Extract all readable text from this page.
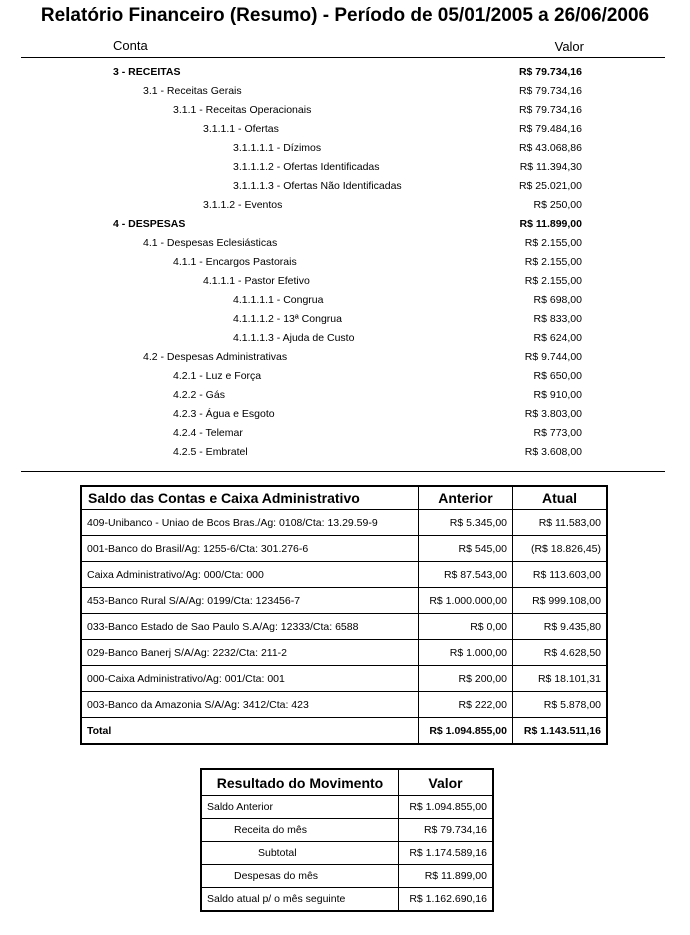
Relatório Financeiro (Resumo) - Período de 05/01/2005 a 26/06/2006
Conta	Valor
3 - RECEITAS	R$ 79.734,16
3.1 - Receitas Gerais	R$ 79.734,16
3.1.1 - Receitas Operacionais	R$ 79.734,16
3.1.1.1 - Ofertas	R$ 79.484,16
3.1.1.1.1 - Dízimos	R$ 43.068,86
3.1.1.1.2 - Ofertas Identificadas	R$ 11.394,30
3.1.1.1.3 - Ofertas Não Identificadas	R$ 25.021,00
3.1.1.2 - Eventos	R$ 250,00
4 - DESPESAS	R$ 11.899,00
4.1 - Despesas Eclesiásticas	R$ 2.155,00
4.1.1 - Encargos Pastorais	R$ 2.155,00
4.1.1.1 - Pastor Efetivo	R$ 2.155,00
4.1.1.1.1 - Congrua	R$ 698,00
4.1.1.1.2 - 13ª Congrua	R$ 833,00
4.1.1.1.3 - Ajuda de Custo	R$ 624,00
4.2 - Despesas Administrativas	R$ 9.744,00
4.2.1 - Luz e Força	R$ 650,00
4.2.2 - Gás	R$ 910,00
4.2.3 - Água e Esgoto	R$ 3.803,00
4.2.4 - Telemar	R$ 773,00
4.2.5 - Embratel	R$ 3.608,00
Saldo das Contas e Caixa Administrativo	Anterior	Atual
409-Unibanco - Uniao de Bcos Bras./Ag: 0108/Cta: 13.29.59-9	R$ 5.345,00	R$ 11.583,00
001-Banco do Brasil/Ag: 1255-6/Cta: 301.276-6	R$ 545,00	(R$ 18.826,45)
Caixa Administrativo/Ag: 000/Cta: 000	R$ 87.543,00	R$ 113.603,00
453-Banco Rural S/A/Ag: 0199/Cta: 123456-7	R$ 1.000.000,00	R$ 999.108,00
033-Banco Estado de Sao Paulo S.A/Ag: 12333/Cta: 6588	R$ 0,00	R$ 9.435,80
029-Banco Banerj S/A/Ag: 2232/Cta: 211-2	R$ 1.000,00	R$ 4.628,50
000-Caixa Administrativo/Ag: 001/Cta: 001	R$ 200,00	R$ 18.101,31
003-Banco da Amazonia S/A/Ag: 3412/Cta: 423	R$ 222,00	R$ 5.878,00
Total	R$ 1.094.855,00	R$ 1.143.511,16
Resultado do Movimento	Valor
Saldo Anterior	R$ 1.094.855,00
Receita do mês	R$ 79.734,16
Subtotal	R$ 1.174.589,16
Despesas do mês	R$ 11.899,00
Saldo atual p/ o mês seguinte	R$ 1.162.690,16
